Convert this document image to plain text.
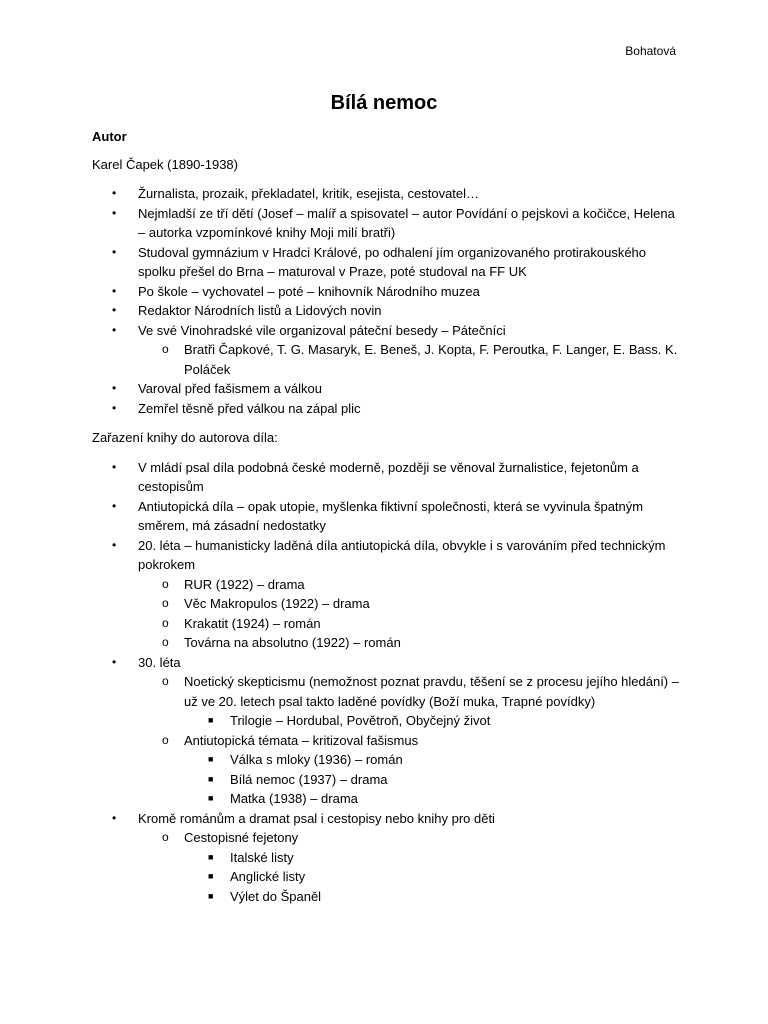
Bohatová
Bílá nemoc

Autor

Karel Čapek (1890-1938)

• Žurnalista, prozaik, překladatel, kritik, esejista, cestovatel…
• Nejmladší ze tří dětí (Josef – malíř a spisovatel – autor Povídání o pejskovi a kočičce, Helena – autorka vzpomínkové knihy Moji milí bratři)
• Studoval gymnázium v Hradci Králové, po odhalení jím organizovaného protirakouského spolku přešel do Brna – maturoval v Praze, poté studoval na FF UK
• Po škole – vychovatel – poté – knihovník Národního muzea
• Redaktor Národních listů a Lidových novin
• Ve své Vinohradské vile organizoval páteční besedy – Pátečníci
o Bratři Čapkové, T. G. Masaryk, E. Beneš, J. Kopta, F. Peroutka, F. Langer, E. Bass. K. Poláček
• Varoval před fašismem a válkou
• Zemřel těsně před válkou na zápal plic

Zařazení knihy do autorova díla:

• V mládí psal díla podobná české moderně, později se věnoval žurnalistice, fejetonům a cestopisům
• Antiutopická díla – opak utopie, myšlenka fiktivní společnosti, která se vyvinula špatným směrem, má zásadní nedostatky
• 20. léta – humanisticky laděná díla antiutopická díla, obvykle i s varováním před technickým pokrokem
o RUR (1922) – drama
o Věc Makropulos (1922) – drama
o Krakatit (1924) – román
o Továrna na absolutno (1922) – román
• 30. léta
o Noetický skepticismu (nemožnost poznat pravdu, těšení se z procesu jejího hledání) – už ve 20. letech psal takto laděné povídky (Boží muka, Trapné povídky)
■ Trilogie – Hordubal, Povětroň, Obyčejný život
o Antiutopická témata – kritizoval fašismus
■ Válka s mloky (1936) – román
■ Bílá nemoc (1937) – drama
■ Matka (1938) – drama
• Kromě románům a dramat psal i cestopisy nebo knihy pro děti
o Cestopisné fejetony
■ Italské listy
■ Anglické listy
■ Výlet do Španěl
